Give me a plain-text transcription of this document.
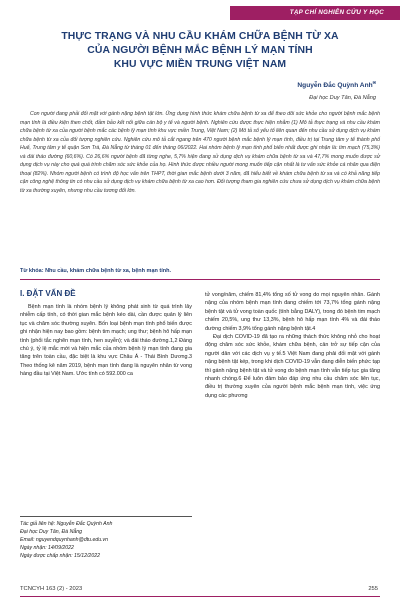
TẠP CHÍ NGHIÊN CỨU Y HỌC
THỰC TRẠNG VÀ NHU CẦU KHÁM CHỮA BỆNH TỪ XA
CỦA NGƯỜI BỆNH MẮC BỆNH LÝ MẠN TÍNH
KHU VỰC MIỀN TRUNG VIỆT NAM
Nguyễn Đắc Quỳnh Anh✉
Đại học Duy Tân, Đà Nẵng
Con người đang phải đối mặt với gánh nặng bệnh tật lớn. Ứng dụng hình thức khám chữa bệnh từ xa để theo dõi sức khỏe cho người bệnh mắc bệnh mạn tính là điều kiện then chốt, đảm bảo kết nối giữa cán bộ y tế và người bệnh. Nghiên cứu được thực hiện nhằm (1) Mô tả thực trạng và nhu cầu khám chữa bệnh từ xa của người bệnh mắc các bệnh lý mạn tính khu vực miền Trung, Việt Nam; (2) Mô tả số yếu tố liên quan đến nhu cầu sử dụng dịch vụ khám chữa bệnh từ xa của đối tượng nghiên cứu. Nghiên cứu mô tả cắt ngang trên 470 người bệnh mắc bệnh lý mạn tính, điều trị tại Trung tâm y tế thành phố Huế, Trung tâm y tế quận Sơn Trà, Đà Nẵng từ tháng 01 đến tháng 06/2022. Hai nhóm bệnh lý mạn tính phổ biến nhất được ghi nhận là: tim mạch (75,3%) và đái tháo đường (60,6%). Có 26,6% người bệnh đã từng nghe, 5,7% hiện đang sử dụng dịch vụ khám chữa bệnh từ xa và 47,7% mong muốn được sử dụng dịch vụ này cho quá quá trình chăm sóc sức khỏe của họ. Hình thức được nhiều người mong muốn tiếp cận nhất là tư vấn sức khỏe cá nhân qua điện thoại (82%). Nhóm người bệnh có trình độ học vấn trên THPT, thời gian mắc bệnh dưới 3 năm, đã hiểu biết về khám chữa bệnh từ xa và có khả năng tiếp cận công nghệ thông tin có nhu cầu sử dụng dịch vụ khám chữa bệnh từ xa cao hơn. Đối tượng tham gia nghiên cứu chưa sử dụng dịch vụ khám chữa bệnh từ xa thường xuyên, nhưng nhu cầu tương đối lớn.
Từ khóa: Nhu cầu, khám chữa bệnh từ xa, bệnh mạn tính.
I. ĐẶT VẤN ĐỀ
Bệnh mạn tính là nhóm bệnh lý không phát sinh từ quá trình lây nhiễm cấp tính, có thời gian mắc bệnh kéo dài, cần được quản lý liên tục và chăm sóc thường xuyên. Bốn loại bệnh mạn tính phổ biến được ghi nhận hiện nay bao gồm: bệnh tim mạch; ung thư; bệnh hô hấp mạn tính (phổi tắc nghẽn mạn tính, hen suyễn); và đái tháo đường.1,2 Đáng chú ý, tỷ lệ mắc mới và hiện mắc của nhóm bệnh lý mạn tính đang gia tăng trên toàn cầu, đặc biệt là khu vực Châu Á - Thái Bình Dương.3 Theo thống kê năm 2019, bệnh mạn tính đang là nguyên nhân từ vong hàng đầu tại Việt Nam. Ước tính có 592.000 ca

tử vong/năm, chiếm 81,4% tổng số tử vong do mọi nguyên nhân. Gánh nặng của nhóm bệnh mạn tính đang chiếm tới 73,7% tổng gánh nặng bệnh tật và tử vong toàn quốc (tính bằng DALY), trong đó bệnh tim mạch chiếm 20,5%, ung thư 13,3%, bệnh hô hấp mạn tính 4% và đái tháo đường chiếm 3,9% tổng gánh nặng bệnh tật.4

Đại dịch COVID-19 đã tạo ra những thách thức không nhỏ cho hoạt động chăm sóc sức khỏe, khám chữa bệnh, cản trở sự tiếp cận của người dân với các dịch vụ y tế.5 Việt Nam đang phải đối mặt với gánh nặng bệnh tật kép, trong khi dịch COVID-19 vẫn đang diễn biến phức tạp thì gánh nặng bệnh tật và tử vong do bệnh mạn tính vẫn tiếp tục gia tăng nhanh chóng.6 Để luôn đảm bảo đáp ứng nhu cầu chăm sóc liên tục, điều trị thường xuyên của người bệnh mắc bệnh mạn tính, việc ứng dụng các phương

Tác giả liên hệ: Nguyễn Đắc Quỳnh Anh
Đại học Duy Tân, Đà Nẵng
Email: nguyendquynhanh@dtu.edu.vn
Ngày nhận: 14/09/2022
Ngày được chấp nhận: 15/12/2022
TCNCYH 163 (2) - 2023	255
